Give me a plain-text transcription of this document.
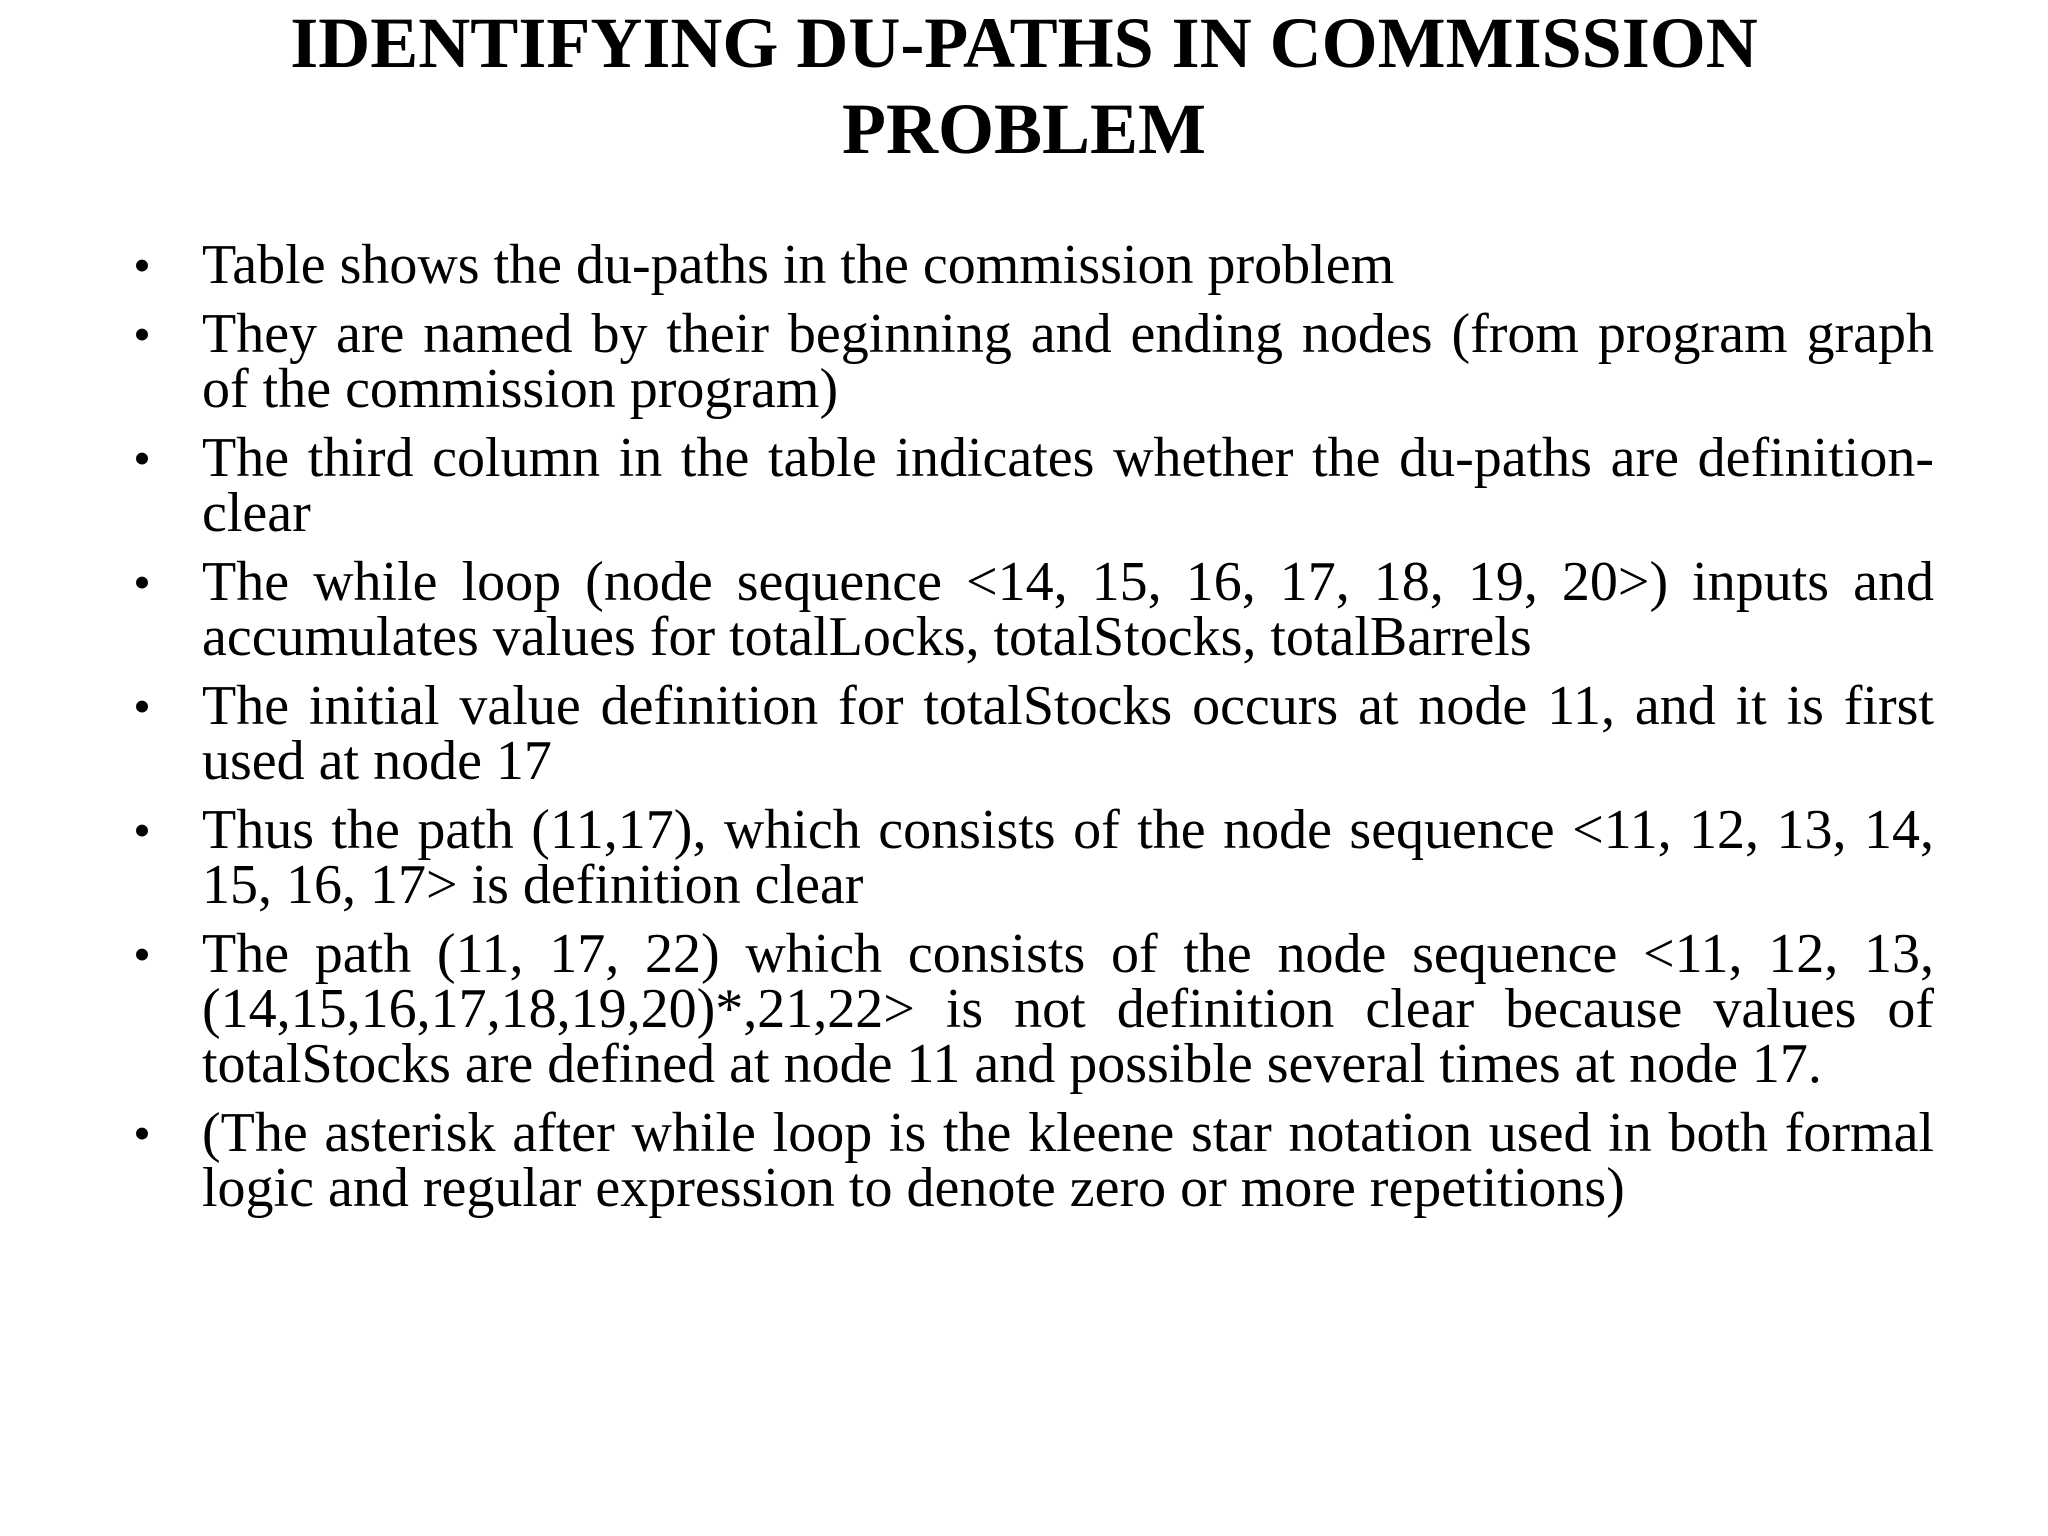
IDENTIFYING DU-PATHS IN COMMISSION
PROBLEM
• Table shows the du-paths in the commission problem
• They are named by their beginning and ending nodes (from program graph of the commission program)
• The third column in the table indicates whether the du-paths are definition-clear
• The while loop (node sequence <14, 15, 16, 17, 18, 19, 20>) inputs and accumulates values for totalLocks, totalStocks, totalBarrels
• The initial value definition for totalStocks occurs at node 11, and it is first used at node 17
• Thus the path (11,17), which consists of the node sequence <11, 12, 13, 14, 15, 16, 17> is definition clear
• The path (11, 17, 22) which consists of the node sequence <11, 12, 13,(14,15,16,17,18,19,20)*,21,22> is not definition clear because values of totalStocks are defined at node 11 and possible several times at node 17.
• (The asterisk after while loop is the kleene star notation used in both formal logic and regular expression to denote zero or more repetitions)
